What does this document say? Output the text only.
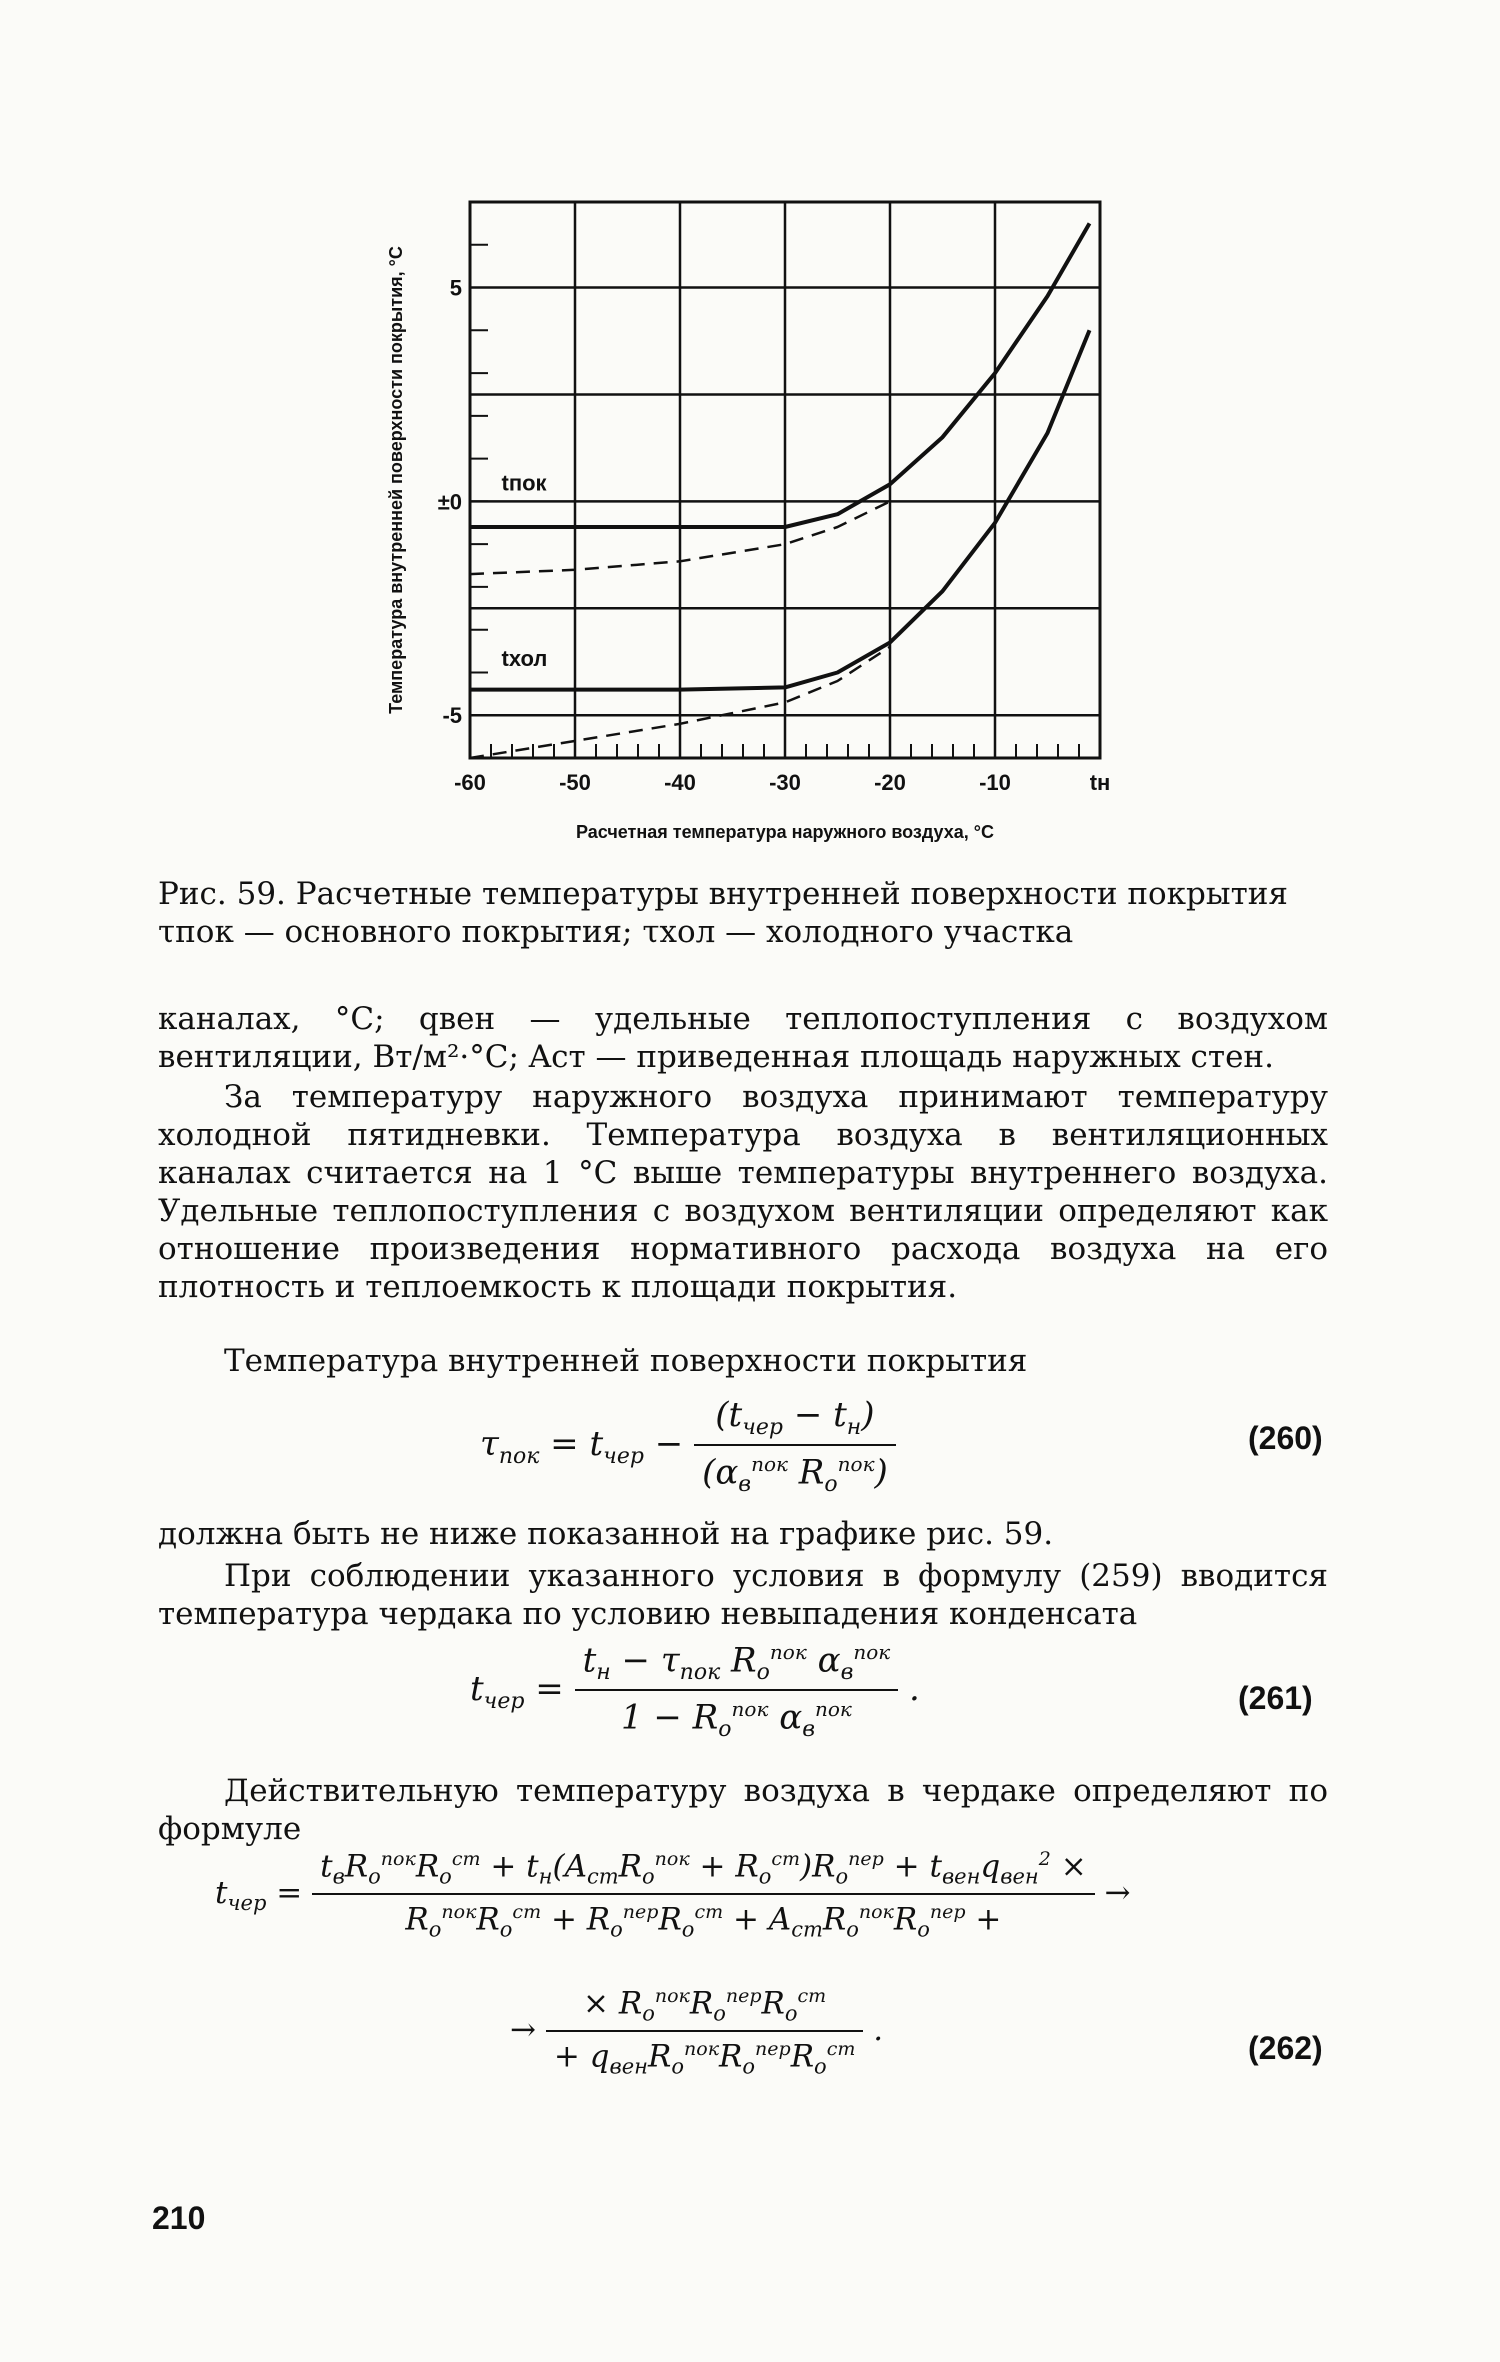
-60	-50	-40	-30	-20	-10	tн
5
±0
-5
Расчетная температура наружного воздуха, °С
Температура внутренней поверхности покрытия, °С	tпок
tхол
Рис. 59. Расчетные температуры внутренней поверхности покрытия
τпок — основного покрытия; τхол — холодного участка
каналах, °С; qвен — удельные теплопоступления с воздухом вентиляции, Вт/м²·°С; Aст — приведенная площадь наружных стен.
За температуру наружного воздуха принимают температуру холодной пятидневки. Температура воздуха в вентиляционных каналах считается на 1 °С выше температуры внутреннего воздуха. Удельные теплопоступления с воздухом вентиляции определяют как отношение произведения нормативного расхода воздуха на его плотность и теплоемкость к площади покрытия.
Температура внутренней поверхности покрытия
$\tau_{пок} = t_{чер} - \frac{(t_{чер} - t_н)}{(\alpha_в^{пок} R_о^{пок})}$	(260)
должна быть не ниже показанной на графике рис. 59.
При соблюдении указанного условия в формулу (259) вводится температура чердака по условию невыпадения конденсата
$t_{чер} = \frac{t_н - \tau_{пок} R_о^{пок} \alpha_в^{пок}}{1 - R_о^{пок} \alpha_в^{пок}}$ .	(261)
Действительную температуру воздуха в чердаке определяют по формуле
$t_{чер} = \frac{t_вR_о^{пок}R_о^{ст} + t_н(A_{ст}R_о^{пок} + R_о^{ст})R_о^{пер} + t_{вен}q_{вен}^2 \times}{R_о^{пок}R_о^{ст} + R_о^{пер}R_о^{ст} + A_{ст}R_о^{пок}R_о^{пер} +}$ →
→ $\frac{\times R_о^{пок}R_о^{пер}R_о^{ст}}{+ q_{вен}R_о^{пок}R_о^{пер}R_о^{ст}}$ .	(262)
210
